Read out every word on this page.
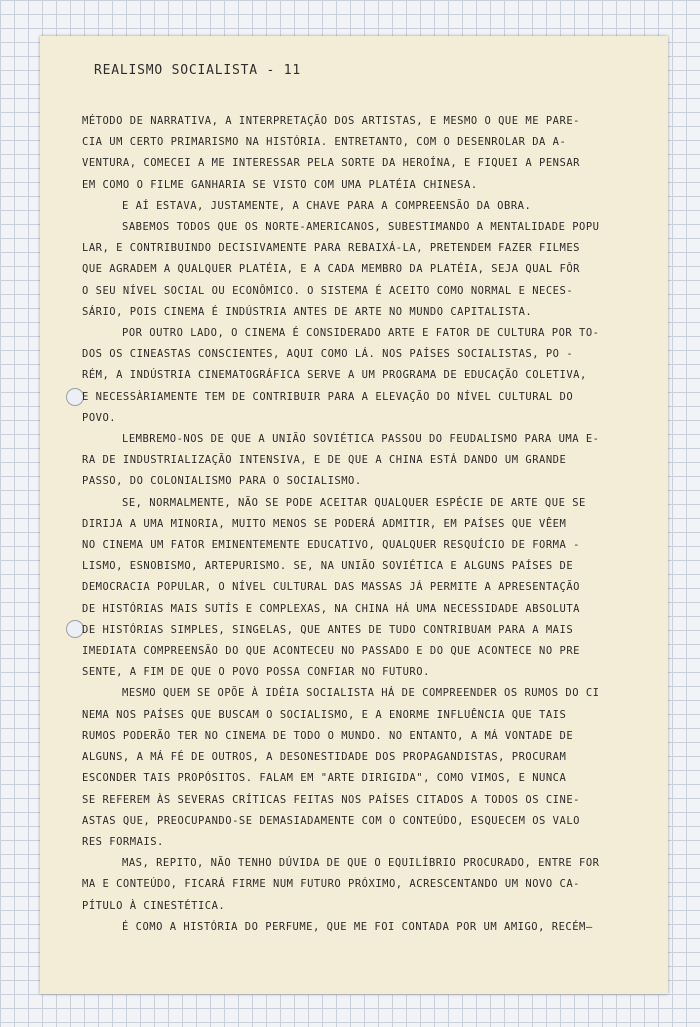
REALISMO SOCIALISTA - 11
MÉTODO DE NARRATIVA, A INTERPRETAÇÃO DOS ARTISTAS, E MESMO O QUE ME PARE-
CIA UM CERTO PRIMARISMO NA HISTÓRIA. ENTRETANTO, COM O DESENROLAR DA A-
VENTURA, COMECEI A ME INTERESSAR PELA SORTE DA HEROÍNA, E FIQUEI A PENSAR
EM COMO O FILME GANHARIA SE VISTO COM UMA PLATÉIA CHINESA.
E AÍ ESTAVA, JUSTAMENTE, A CHAVE PARA A COMPREENSÃO DA OBRA.
SABEMOS TODOS QUE OS NORTE-AMERICANOS, SUBESTIMANDO A MENTALIDADE POPU
LAR, E CONTRIBUINDO DECISIVAMENTE PARA REBAIXÁ-LA, PRETENDEM FAZER FILMES
QUE AGRADEM A QUALQUER PLATÉIA, E A CADA MEMBRO DA PLATÉIA, SEJA QUAL FÔR
O SEU NÍVEL SOCIAL OU ECONÔMICO. O SISTEMA É ACEITO COMO NORMAL E NECES-
SÁRIO, POIS CINEMA É INDÚSTRIA ANTES DE ARTE NO MUNDO CAPITALISTA.
POR OUTRO LADO, O CINEMA É CONSIDERADO ARTE E FATOR DE CULTURA POR TO-
DOS OS CINEASTAS CONSCIENTES, AQUI COMO LÁ. NOS PAÍSES SOCIALISTAS, PO -
RÉM, A INDÚSTRIA CINEMATOGRÁFICA SERVE A UM PROGRAMA DE EDUCAÇÃO COLETIVA,
E NECESSÀRIAMENTE TEM DE CONTRIBUIR PARA A ELEVAÇÃO DO NÍVEL CULTURAL DO
POVO.
LEMBREMO-NOS DE QUE A UNIÃO SOVIÉTICA PASSOU DO FEUDALISMO PARA UMA E-
RA DE INDUSTRIALIZAÇÃO INTENSIVA, E DE QUE A CHINA ESTÁ DANDO UM GRANDE
PASSO, DO COLONIALISMO PARA O SOCIALISMO.
SE, NORMALMENTE, NÃO SE PODE ACEITAR QUALQUER ESPÉCIE DE ARTE QUE SE
DIRIJA A UMA MINORIA, MUITO MENOS SE PODERÁ ADMITIR, EM PAÍSES QUE VÊEM
NO CINEMA UM FATOR EMINENTEMENTE EDUCATIVO, QUALQUER RESQUÍCIO DE FORMA -
LISMO, ESNOBISMO, ARTEPURISMO. SE, NA UNIÃO SOVIÉTICA E ALGUNS PAÍSES DE
DEMOCRACIA POPULAR, O NÍVEL CULTURAL DAS MASSAS JÁ PERMITE A APRESENTAÇÃO
DE HISTÓRIAS MAIS SUTÍS E COMPLEXAS, NA CHINA HÁ UMA NECESSIDADE ABSOLUTA
DE HISTÓRIAS SIMPLES, SINGELAS, QUE ANTES DE TUDO CONTRIBUAM PARA A MAIS
IMEDIATA COMPREENSÃO DO QUE ACONTECEU NO PASSADO E DO QUE ACONTECE NO PRE
SENTE, A FIM DE QUE O POVO POSSA CONFIAR NO FUTURO.
MESMO QUEM SE OPÕE À IDÉIA SOCIALISTA HÁ DE COMPREENDER OS RUMOS DO CI
NEMA NOS PAÍSES QUE BUSCAM O SOCIALISMO, E A ENORME INFLUÊNCIA QUE TAIS
RUMOS PODERÃO TER NO CINEMA DE TODO O MUNDO. NO ENTANTO, A MÁ VONTADE DE
ALGUNS, A MÁ FÉ DE OUTROS, A DESONESTIDADE DOS PROPAGANDISTAS, PROCURAM
ESCONDER TAIS PROPÓSITOS. FALAM EM "ARTE DIRIGIDA", COMO VIMOS, E NUNCA
SE REFEREM ÀS SEVERAS CRÍTICAS FEITAS NOS PAÍSES CITADOS A TODOS OS CINE-
ASTAS QUE, PREOCUPANDO-SE DEMASIADAMENTE COM O CONTEÚDO, ESQUECEM OS VALO
RES FORMAIS.
MAS, REPITO, NÃO TENHO DÚVIDA DE QUE O EQUILÍBRIO PROCURADO, ENTRE FOR
MA E CONTEÚDO, FICARÁ FIRME NUM FUTURO PRÓXIMO, ACRESCENTANDO UM NOVO CA-
PÍTULO À CINESTÉTICA.
É COMO A HISTÓRIA DO PERFUME, QUE ME FOI CONTADA POR UM AMIGO, RECÉM—
